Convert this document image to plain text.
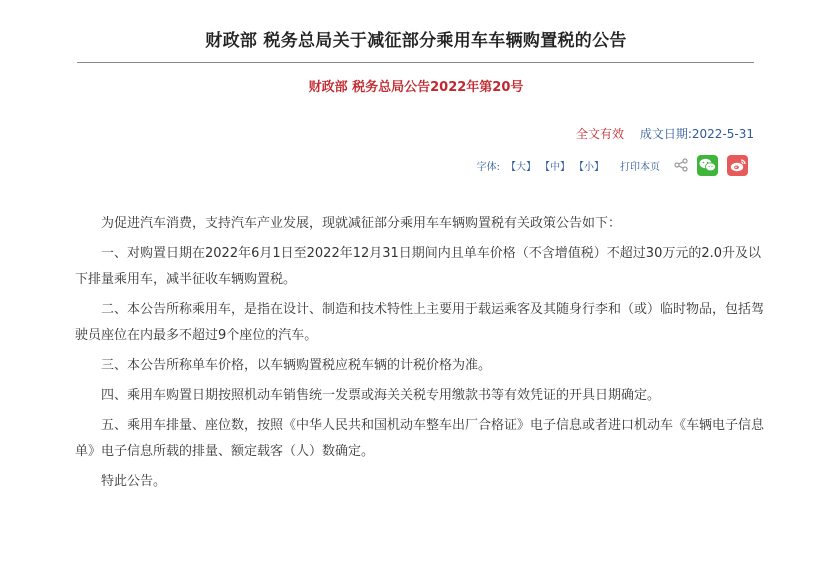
财政部 税务总局关于减征部分乘用车车辆购置税的公告
财政部 税务总局公告2022年第20号
全文有效 成文日期:2022-5-31
字体: 【大】 【中】 【小】 打印本页

为促进汽车消费，支持汽车产业发展，现就减征部分乘用车车辆购置税有关政策公告如下：

一、对购置日期在2022年6月1日至2022年12月31日期间内且单车价格（不含增值税）不超过30万元的2.0升及以下排量乘用车，减半征收车辆购置税。

二、本公告所称乘用车，是指在设计、制造和技术特性上主要用于载运乘客及其随身行李和（或）临时物品，包括驾驶员座位在内最多不超过9个座位的汽车。

三、本公告所称单车价格，以车辆购置税应税车辆的计税价格为准。

四、乘用车购置日期按照机动车销售统一发票或海关关税专用缴款书等有效凭证的开具日期确定。

五、乘用车排量、座位数，按照《中华人民共和国机动车整车出厂合格证》电子信息或者进口机动车《车辆电子信息单》电子信息所载的排量、额定载客（人）数确定。

特此公告。
